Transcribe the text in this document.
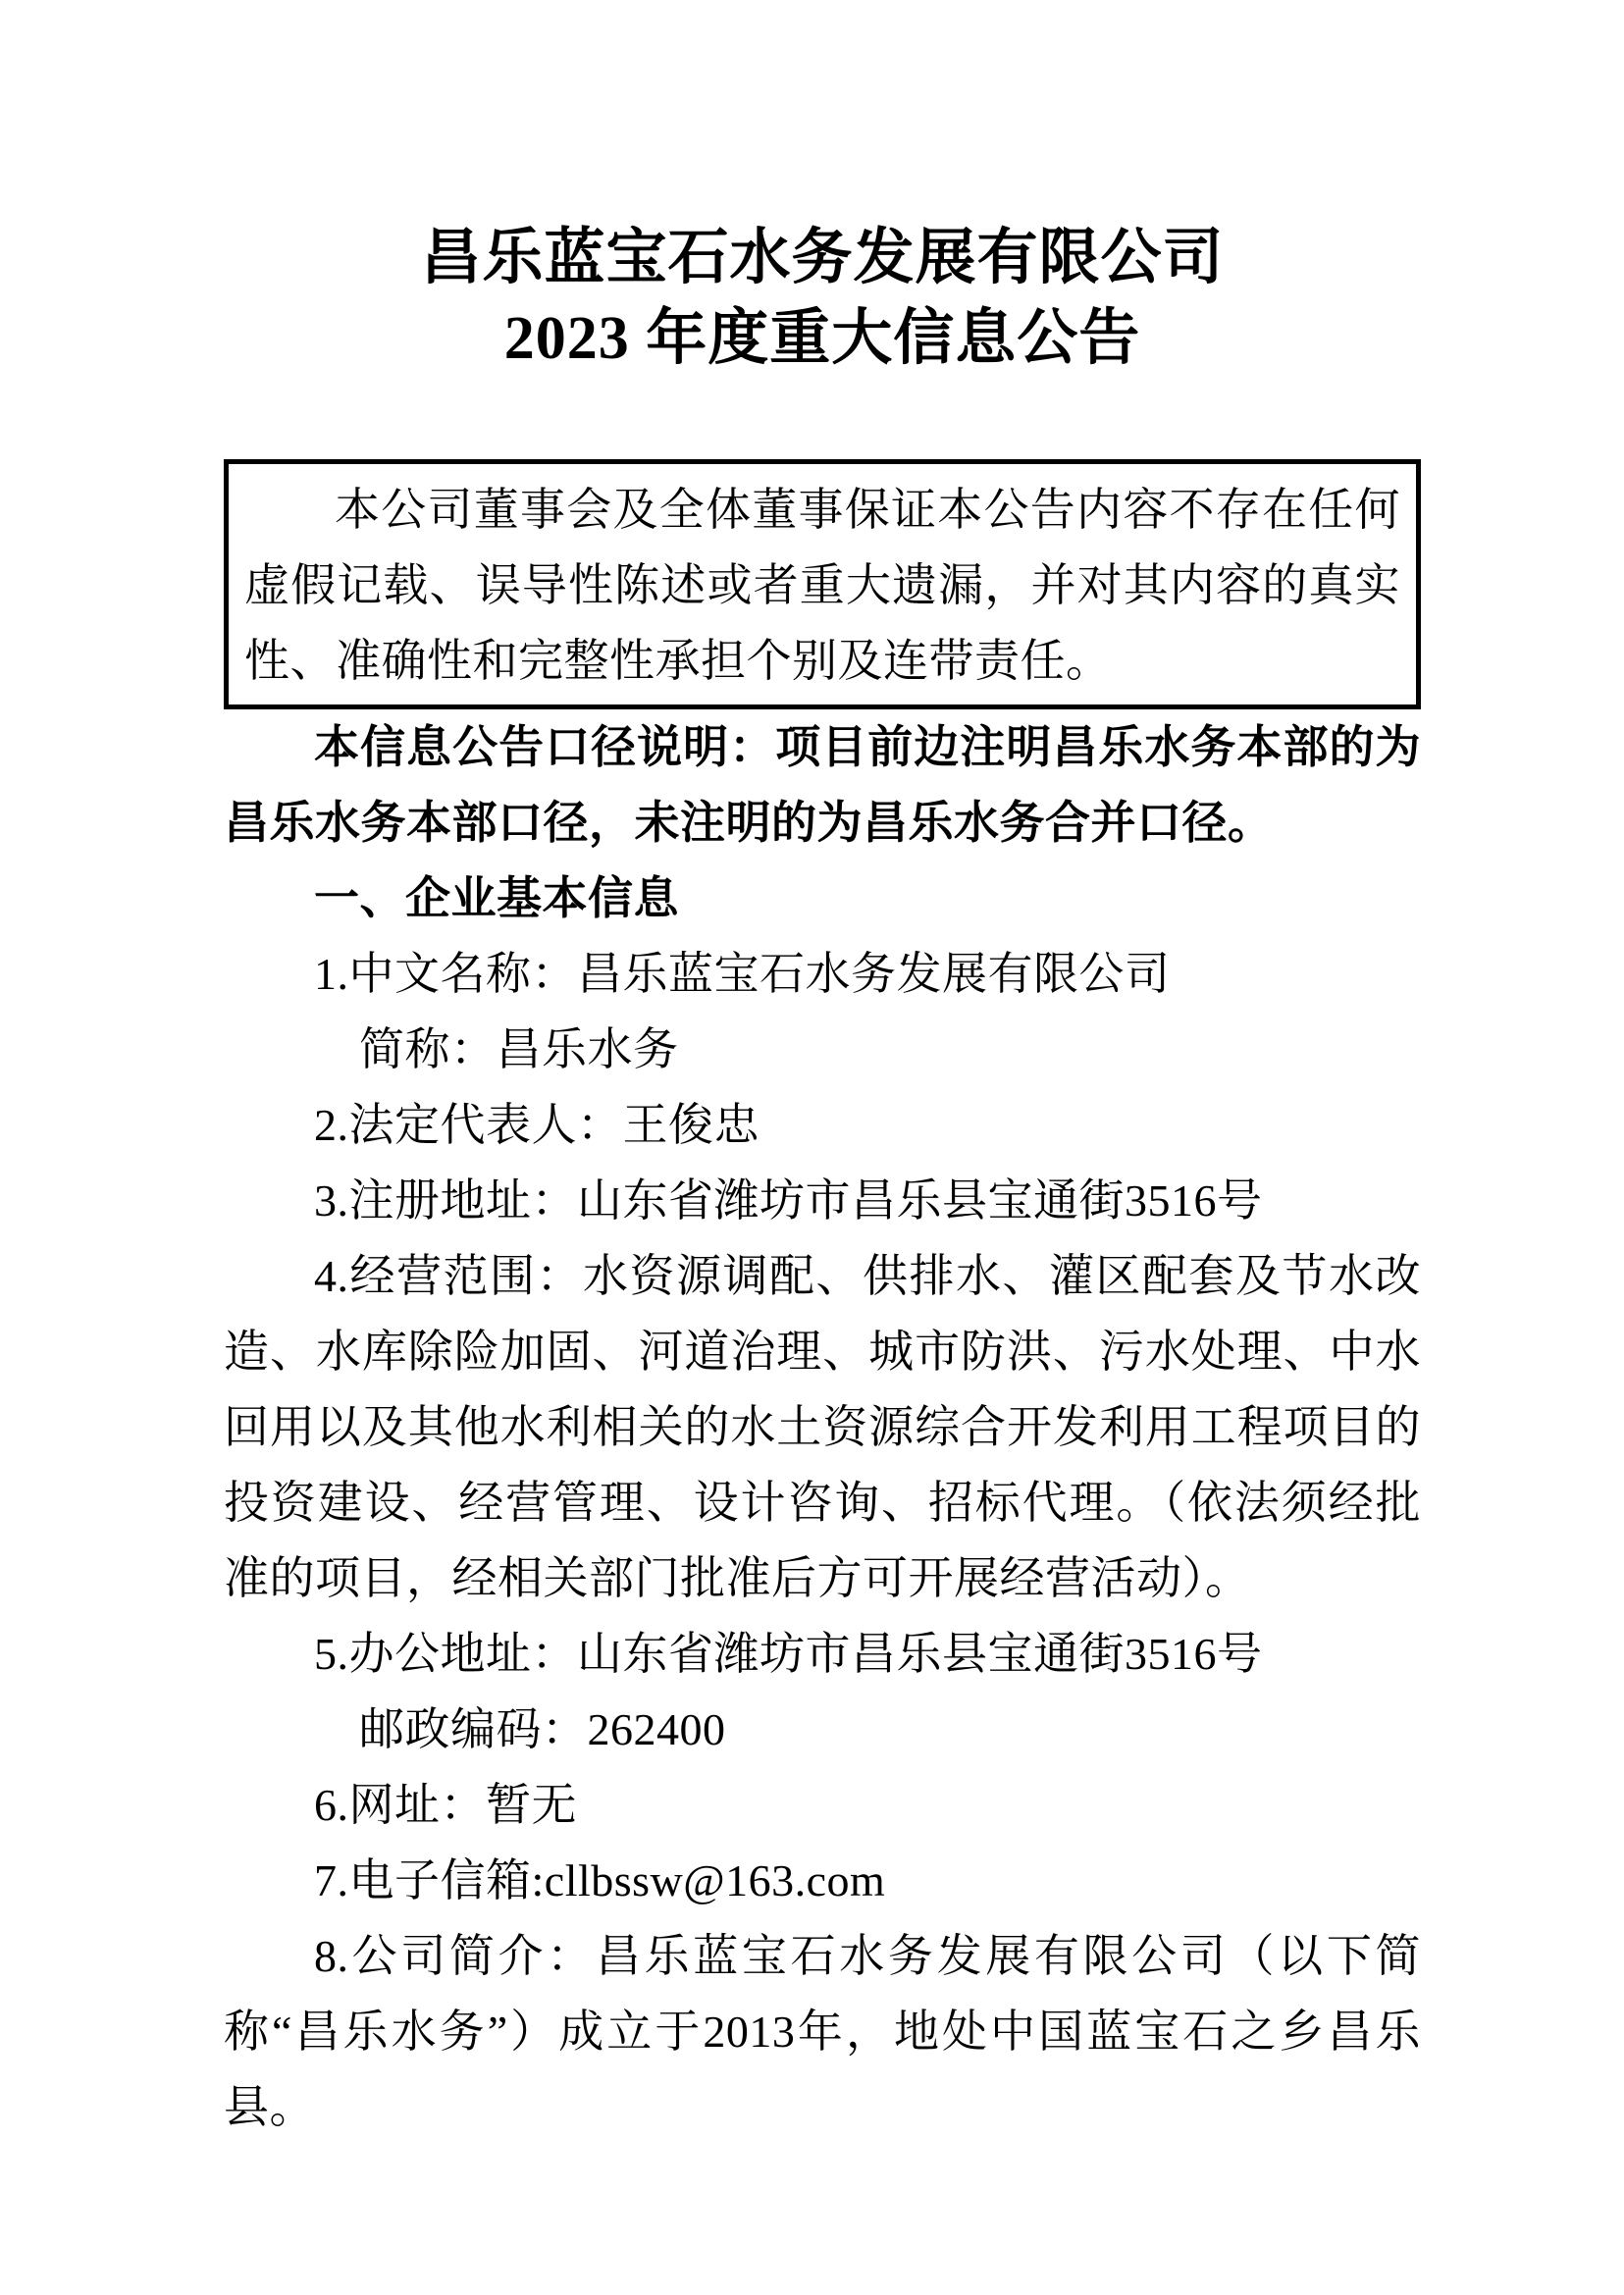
昌乐蓝宝石水务发展有限公司
2023 年度重大信息公告

本公司董事会及全体董事保证本公告内容不存在任何虚假记载、误导性陈述或者重大遗漏，并对其内容的真实性、准确性和完整性承担个别及连带责任。

本信息公告口径说明：项目前边注明昌乐水务本部的为昌乐水务本部口径，未注明的为昌乐水务合并口径。

一、企业基本信息

1.中文名称：昌乐蓝宝石水务发展有限公司

简称：昌乐水务

2.法定代表人：王俊忠

3.注册地址：山东省潍坊市昌乐县宝通街3516号

4.经营范围：水资源调配、供排水、灌区配套及节水改造、水库除险加固、河道治理、城市防洪、污水处理、中水回用以及其他水利相关的水土资源综合开发利用工程项目的投资建设、经营管理、设计咨询、招标代理。（依法须经批准的项目，经相关部门批准后方可开展经营活动）。

5.办公地址：山东省潍坊市昌乐县宝通街3516号

邮政编码：262400

6.网址：暂无

7.电子信箱:cllbssw@163.com

8.公司简介：昌乐蓝宝石水务发展有限公司（以下简称“昌乐水务”）成立于2013年，地处中国蓝宝石之乡昌乐县。
